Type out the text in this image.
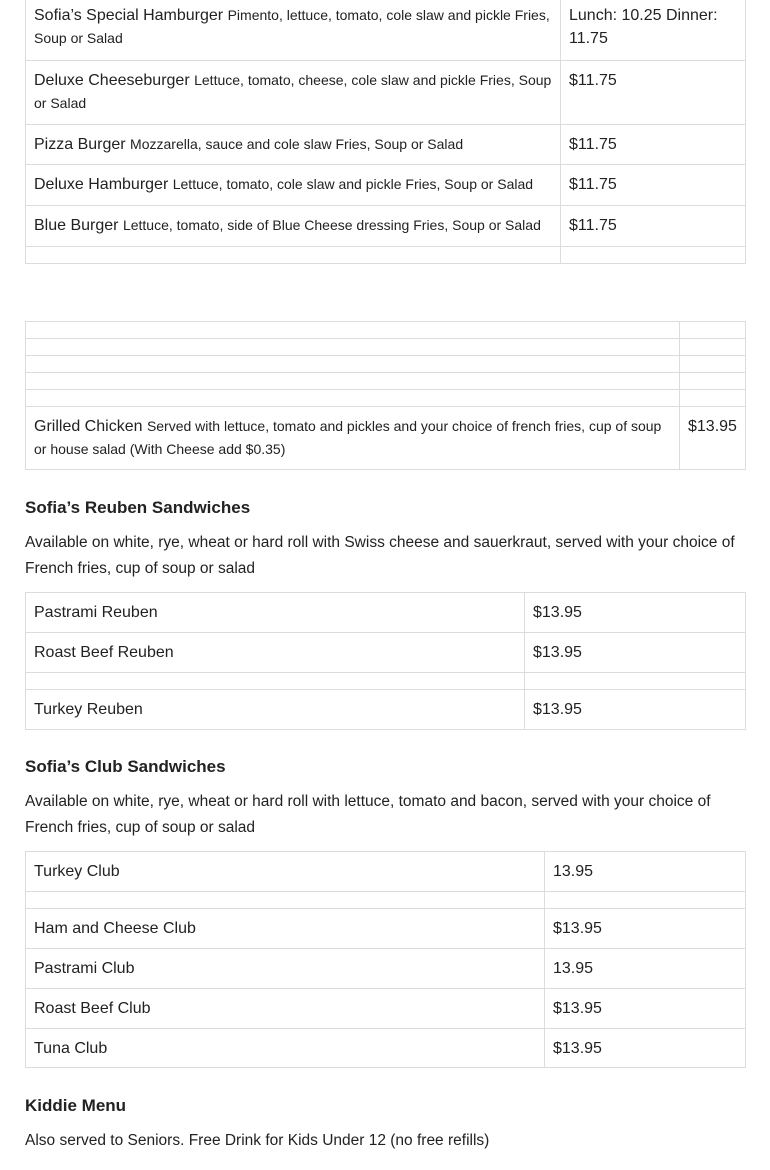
Sofia’s Special Hamburger Pimento, lettuce, tomato, cole slaw and pickle Fries, Soup or Salad	Lunch: 10.25 Dinner: 11.75
Deluxe Cheeseburger Lettuce, tomato, cheese, cole slaw and pickle Fries, Soup or Salad	$11.75
Pizza Burger Mozzarella, sauce and cole slaw Fries, Soup or Salad	$11.75
Deluxe Hamburger Lettuce, tomato, cole slaw and pickle Fries, Soup or Salad	$11.75
Blue Burger Lettuce, tomato, side of Blue Cheese dressing Fries, Soup or Salad	$11.75

Grilled Chicken Served with lettuce, tomato and pickles and your choice of french fries, cup of soup or house salad (With Cheese add $0.35)	$13.95
Sofia’s Reuben Sandwiches

Available on white, rye, wheat or hard roll with Swiss cheese and sauerkraut, served with your choice of French fries, cup of soup or salad

Pastrami Reuben	$13.95
Roast Beef Reuben	$13.95

Turkey Reuben	$13.95
Sofia’s Club Sandwiches

Available on white, rye, wheat or hard roll with lettuce, tomato and bacon, served with your choice of French fries, cup of soup or salad

Turkey Club	13.95

Ham and Cheese Club	$13.95
Pastrami Club	13.95
Roast Beef Club	$13.95
Tuna Club	$13.95
Kiddie Menu

Also served to Seniors. Free Drink for Kids Under 12 (no free refills)
